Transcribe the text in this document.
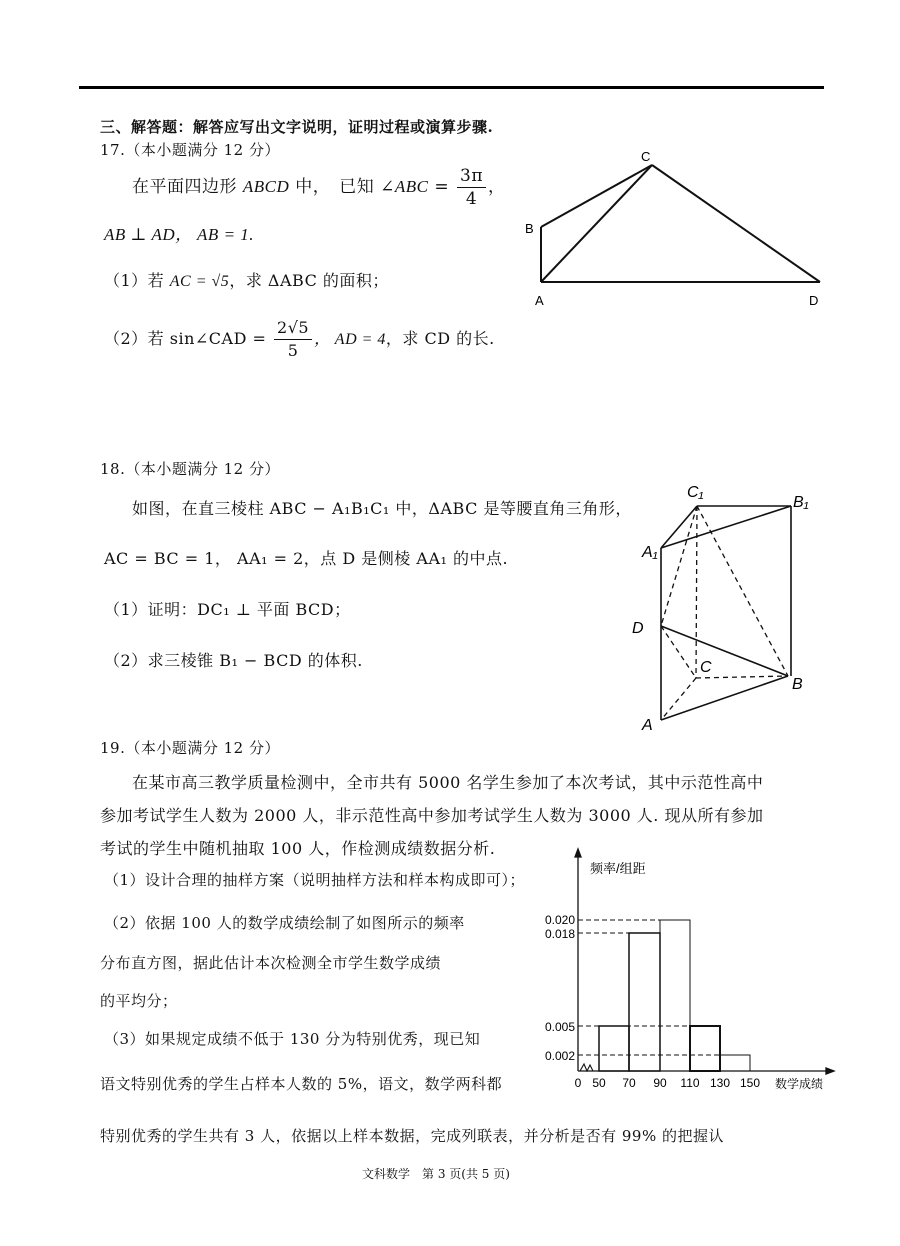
三、解答题：解答应写出文字说明，证明过程或演算步骤.
17.（本小题满分 12 分）
在平面四边形 ABCD 中，　已知 ∠ABC = $\frac{3\pi}{4}$ ，
AB ⊥ AD， AB = 1.
（1）若 AC = √5，求 ΔABC 的面积；
（2）若 sin∠CAD = $\frac{2√5}{5}$ ， AD = 4，求 CD 的长.
C
B
A	D
18.（本小题满分 12 分）
如图，在直三棱柱 ABC − A₁B₁C₁ 中，ΔABC 是等腰直角三角形，
AC = BC = 1， AA₁ = 2，点 D 是侧棱 AA₁ 的中点.
（1）证明：DC₁ ⊥ 平面 BCD；
（2）求三棱锥 B₁ − BCD 的体积.
C₁
B₁
A₁
D
C
B
A
19.（本小题满分 12 分）
在某市高三教学质量检测中，全市共有 5000 名学生参加了本次考试，其中示范性高中
参加考试学生人数为 2000 人，非示范性高中参加考试学生人数为 3000 人. 现从所有参加
考试的学生中随机抽取 100 人，作检测成绩数据分析.
（1）设计合理的抽样方案（说明抽样方法和样本构成即可）；
（2）依据 100 人的数学成绩绘制了如图所示的频率
分布直方图，据此估计本次检测全市学生数学成绩
的平均分；
（3）如果规定成绩不低于 130 分为特别优秀，现已知
语文特别优秀的学生占样本人数的 5%，语文，数学两科都
特别优秀的学生共有 3 人，依据以上样本数据，完成列联表，并分析是否有 99% 的把握认
0.020
0.018
0.005
0.002
0 50 70 90 110 130 150
频率/组距
数学成绩
文科数学　第 3 页(共 5 页)
